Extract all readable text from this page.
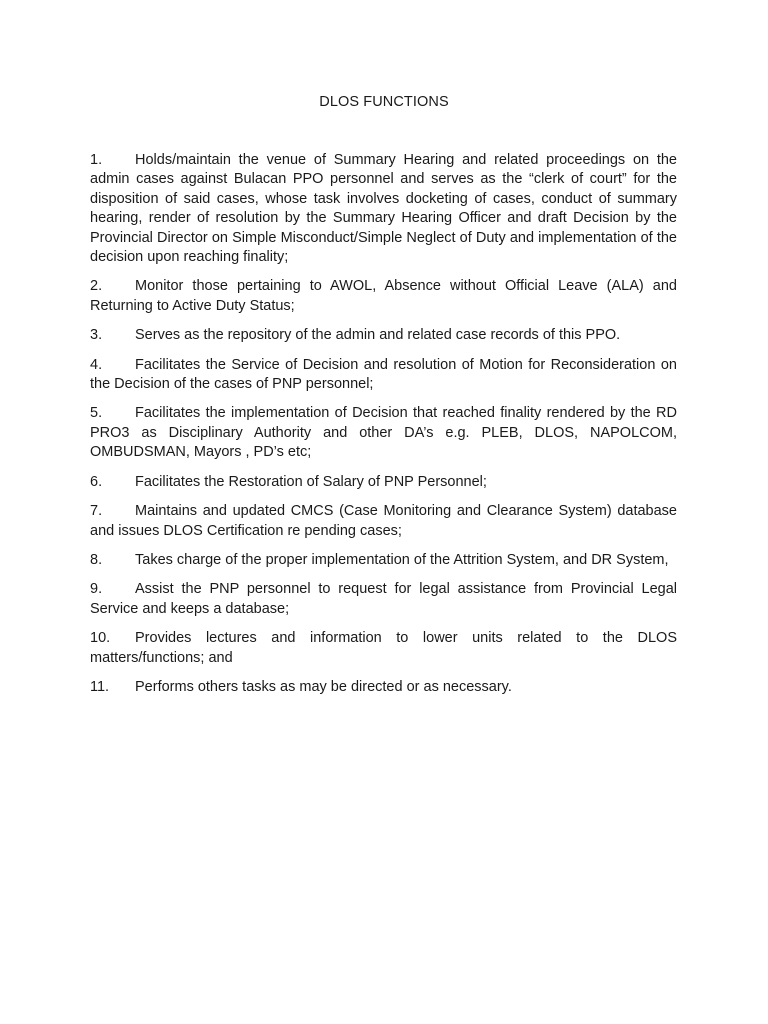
DLOS FUNCTIONS
1. Holds/maintain the venue of Summary Hearing and related proceedings on the admin cases against Bulacan PPO personnel and serves as the “clerk of court” for the disposition of said cases, whose task involves docketing of cases, conduct of summary hearing, render of resolution by the Summary Hearing Officer and draft Decision by the Provincial Director on Simple Misconduct/Simple Neglect of Duty and implementation of the decision upon reaching finality;
2. Monitor those pertaining to AWOL, Absence without Official Leave (ALA) and Returning to Active Duty Status;
3. Serves as the repository of the admin and related case records of this PPO.
4. Facilitates the Service of Decision and resolution of Motion for Reconsideration on the Decision of the cases of PNP personnel;
5. Facilitates the implementation of Decision that reached finality rendered by the RD PRO3 as Disciplinary Authority and other DA’s e.g. PLEB, DLOS, NAPOLCOM, OMBUDSMAN, Mayors , PD’s etc;
6. Facilitates the Restoration of Salary of PNP Personnel;
7. Maintains and updated CMCS (Case Monitoring and Clearance System) database and issues DLOS Certification re pending cases;
8. Takes charge of the proper implementation of the Attrition System, and DR System,
9. Assist the PNP personnel to request for legal assistance from Provincial Legal Service and keeps a database;
10. Provides lectures and information to lower units related to the DLOS matters/functions; and
11. Performs others tasks as may be directed or as necessary.
